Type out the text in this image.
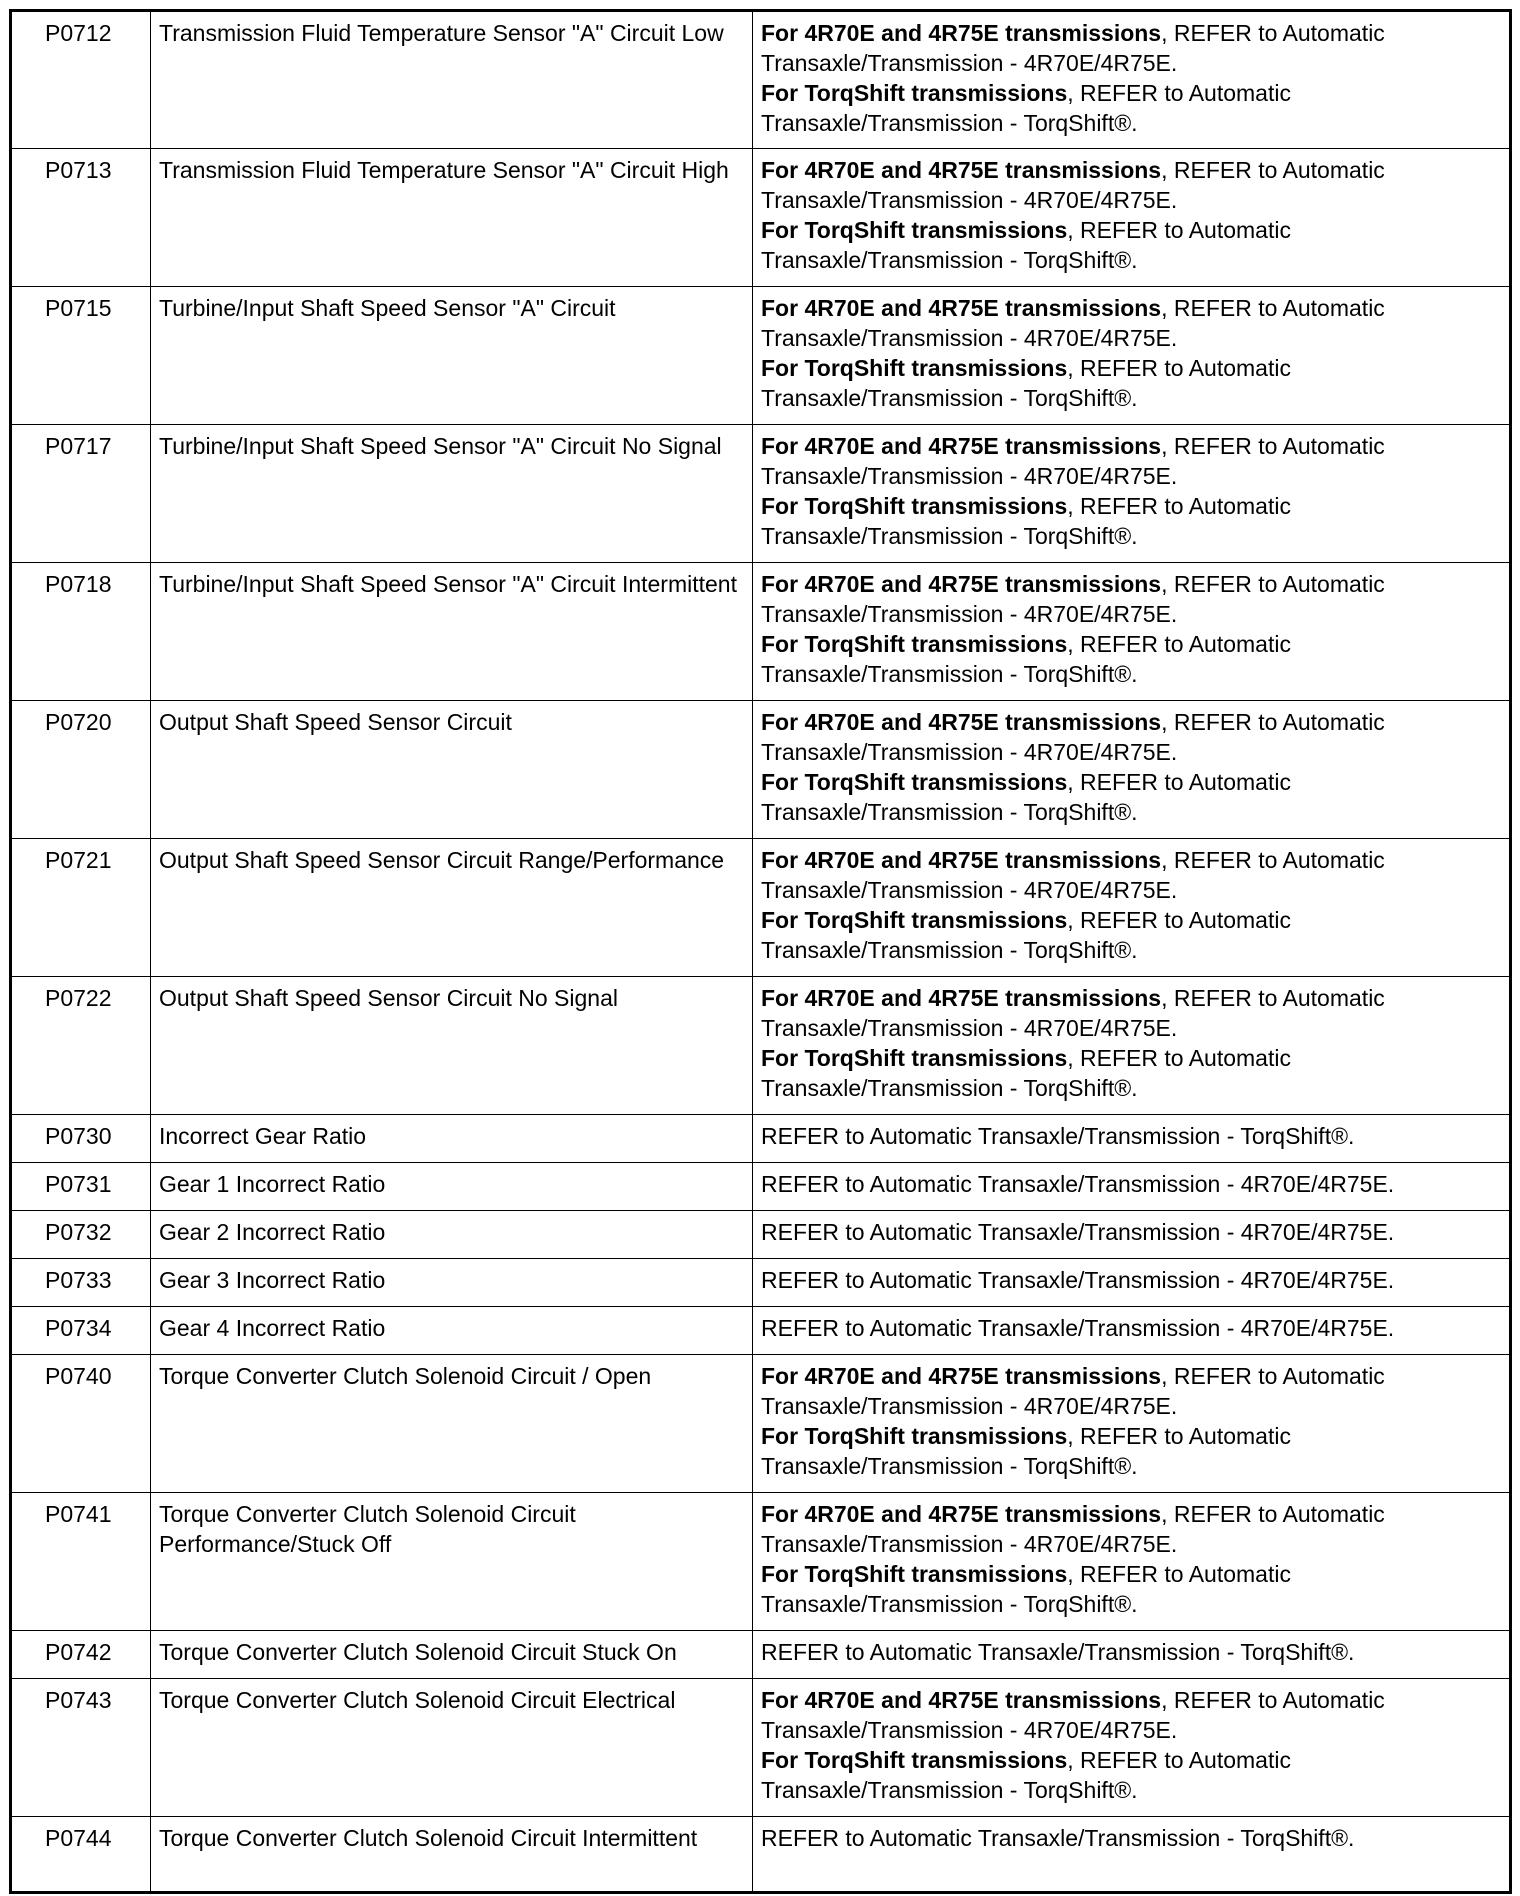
P0712	Transmission Fluid Temperature Sensor "A" Circuit Low	For 4R70E and 4R75E transmissions, REFER to Automatic Transaxle/Transmission - 4R70E/4R75E.
For TorqShift transmissions, REFER to Automatic Transaxle/Transmission - TorqShift®.
P0713	Transmission Fluid Temperature Sensor "A" Circuit High	For 4R70E and 4R75E transmissions, REFER to Automatic Transaxle/Transmission - 4R70E/4R75E.
For TorqShift transmissions, REFER to Automatic Transaxle/Transmission - TorqShift®.
P0715	Turbine/Input Shaft Speed Sensor "A" Circuit	For 4R70E and 4R75E transmissions, REFER to Automatic Transaxle/Transmission - 4R70E/4R75E.
For TorqShift transmissions, REFER to Automatic Transaxle/Transmission - TorqShift®.
P0717	Turbine/Input Shaft Speed Sensor "A" Circuit No Signal	For 4R70E and 4R75E transmissions, REFER to Automatic Transaxle/Transmission - 4R70E/4R75E.
For TorqShift transmissions, REFER to Automatic Transaxle/Transmission - TorqShift®.
P0718	Turbine/Input Shaft Speed Sensor "A" Circuit Intermittent	For 4R70E and 4R75E transmissions, REFER to Automatic Transaxle/Transmission - 4R70E/4R75E.
For TorqShift transmissions, REFER to Automatic Transaxle/Transmission - TorqShift®.
P0720	Output Shaft Speed Sensor Circuit	For 4R70E and 4R75E transmissions, REFER to Automatic Transaxle/Transmission - 4R70E/4R75E.
For TorqShift transmissions, REFER to Automatic Transaxle/Transmission - TorqShift®.
P0721	Output Shaft Speed Sensor Circuit Range/Performance	For 4R70E and 4R75E transmissions, REFER to Automatic Transaxle/Transmission - 4R70E/4R75E.
For TorqShift transmissions, REFER to Automatic Transaxle/Transmission - TorqShift®.
P0722	Output Shaft Speed Sensor Circuit No Signal	For 4R70E and 4R75E transmissions, REFER to Automatic Transaxle/Transmission - 4R70E/4R75E.
For TorqShift transmissions, REFER to Automatic Transaxle/Transmission - TorqShift®.
P0730	Incorrect Gear Ratio	REFER to Automatic Transaxle/Transmission - TorqShift®.
P0731	Gear 1 Incorrect Ratio	REFER to Automatic Transaxle/Transmission - 4R70E/4R75E.
P0732	Gear 2 Incorrect Ratio	REFER to Automatic Transaxle/Transmission - 4R70E/4R75E.
P0733	Gear 3 Incorrect Ratio	REFER to Automatic Transaxle/Transmission - 4R70E/4R75E.
P0734	Gear 4 Incorrect Ratio	REFER to Automatic Transaxle/Transmission - 4R70E/4R75E.
P0740	Torque Converter Clutch Solenoid Circuit / Open	For 4R70E and 4R75E transmissions, REFER to Automatic Transaxle/Transmission - 4R70E/4R75E.
For TorqShift transmissions, REFER to Automatic Transaxle/Transmission - TorqShift®.
P0741	Torque Converter Clutch Solenoid Circuit Performance/Stuck Off	For 4R70E and 4R75E transmissions, REFER to Automatic Transaxle/Transmission - 4R70E/4R75E.
For TorqShift transmissions, REFER to Automatic Transaxle/Transmission - TorqShift®.
P0742	Torque Converter Clutch Solenoid Circuit Stuck On	REFER to Automatic Transaxle/Transmission - TorqShift®.
P0743	Torque Converter Clutch Solenoid Circuit Electrical	For 4R70E and 4R75E transmissions, REFER to Automatic Transaxle/Transmission - 4R70E/4R75E.
For TorqShift transmissions, REFER to Automatic Transaxle/Transmission - TorqShift®.
P0744	Torque Converter Clutch Solenoid Circuit Intermittent	REFER to Automatic Transaxle/Transmission - TorqShift®.
